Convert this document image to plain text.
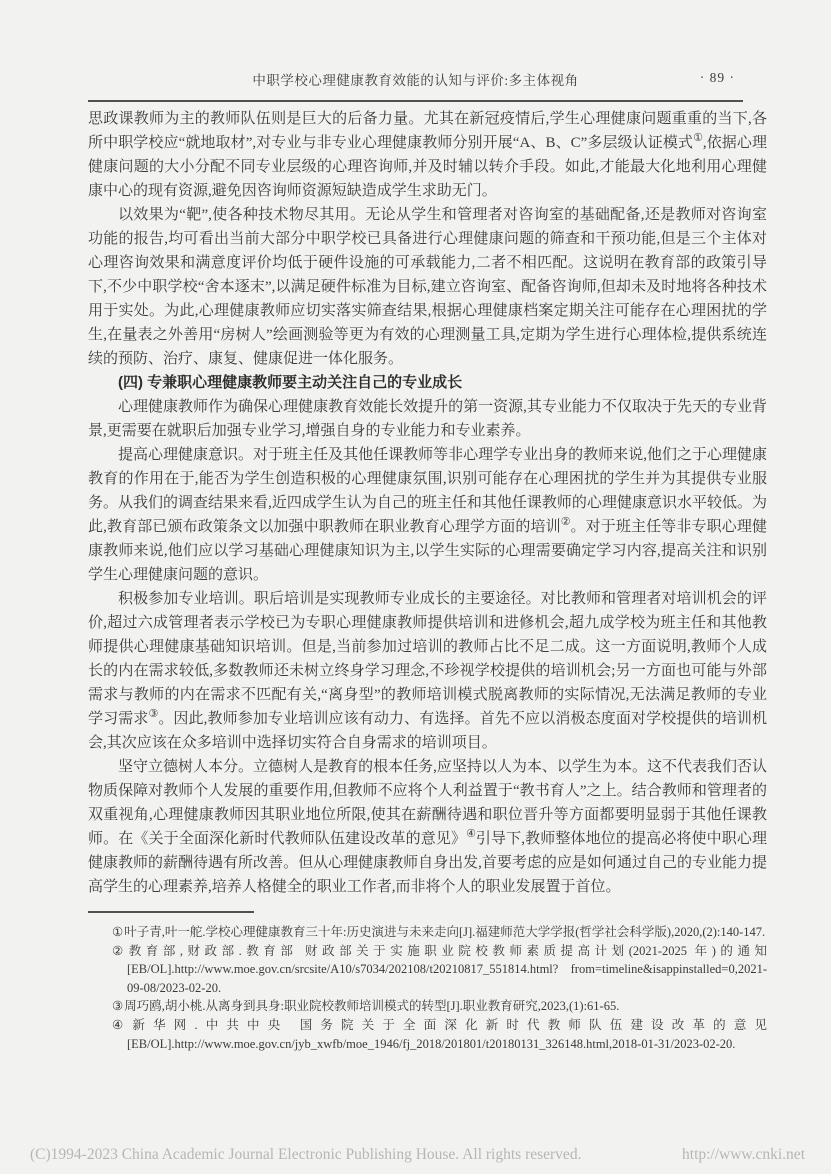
中职学校心理健康教育效能的认知与评价:多主体视角	· 89 ·

思政课教师为主的教师队伍则是巨大的后备力量。尤其在新冠疫情后,学生心理健康问题重重的当下,各所中职学校应“就地取材”,对专业与非专业心理健康教师分别开展“A、B、C”多层级认证模式①,依据心理健康问题的大小分配不同专业层级的心理咨询师,并及时辅以转介手段。如此,才能最大化地利用心理健康中心的现有资源,避免因咨询师资源短缺造成学生求助无门。

以效果为“靶”,使各种技术物尽其用。无论从学生和管理者对咨询室的基础配备,还是教师对咨询室功能的报告,均可看出当前大部分中职学校已具备进行心理健康问题的筛查和干预功能,但是三个主体对心理咨询效果和满意度评价均低于硬件设施的可承载能力,二者不相匹配。这说明在教育部的政策引导下,不少中职学校“舍本逐末”,以满足硬件标准为目标,建立咨询室、配备咨询师,但却未及时地将各种技术用于实处。为此,心理健康教师应切实落实筛查结果,根据心理健康档案定期关注可能存在心理困扰的学生,在量表之外善用“房树人”绘画测验等更为有效的心理测量工具,定期为学生进行心理体检,提供系统连续的预防、治疗、康复、健康促进一体化服务。

(四) 专兼职心理健康教师要主动关注自己的专业成长

心理健康教师作为确保心理健康教育效能长效提升的第一资源,其专业能力不仅取决于先天的专业背景,更需要在就职后加强专业学习,增强自身的专业能力和专业素养。

提高心理健康意识。对于班主任及其他任课教师等非心理学专业出身的教师来说,他们之于心理健康教育的作用在于,能否为学生创造积极的心理健康氛围,识别可能存在心理困扰的学生并为其提供专业服务。从我们的调查结果来看,近四成学生认为自己的班主任和其他任课教师的心理健康意识水平较低。为此,教育部已颁布政策条文以加强中职教师在职业教育心理学方面的培训②。对于班主任等非专职心理健康教师来说,他们应以学习基础心理健康知识为主,以学生实际的心理需要确定学习内容,提高关注和识别学生心理健康问题的意识。

积极参加专业培训。职后培训是实现教师专业成长的主要途径。对比教师和管理者对培训机会的评价,超过六成管理者表示学校已为专职心理健康教师提供培训和进修机会,超九成学校为班主任和其他教师提供心理健康基础知识培训。但是,当前参加过培训的教师占比不足二成。这一方面说明,教师个人成长的内在需求较低,多数教师还未树立终身学习理念,不珍视学校提供的培训机会;另一方面也可能与外部需求与教师的内在需求不匹配有关,“离身型”的教师培训模式脱离教师的实际情况,无法满足教师的专业学习需求③。因此,教师参加专业培训应该有动力、有选择。首先不应以消极态度面对学校提供的培训机会,其次应该在众多培训中选择切实符合自身需求的培训项目。

坚守立德树人本分。立德树人是教育的根本任务,应坚持以人为本、以学生为本。这不代表我们否认物质保障对教师个人发展的重要作用,但教师不应将个人利益置于“教书育人”之上。结合教师和管理者的双重视角,心理健康教师因其职业地位所限,使其在薪酬待遇和职位晋升等方面都要明显弱于其他任课教师。在《关于全面深化新时代教师队伍建设改革的意见》④引导下,教师整体地位的提高必将使中职心理健康教师的薪酬待遇有所改善。但从心理健康教师自身出发,首要考虑的应是如何通过自己的专业能力提高学生的心理素养,培养人格健全的职业工作者,而非将个人的职业发展置于首位。

①叶子青,叶一舵.学校心理健康教育三十年:历史演进与未来走向[J].福建师范大学学报(哲学社会科学版),2020,(2):140-147.

②教育部,财政部.教育部 财政部关于实施职业院校教师素质提高计划(2021-2025 年)的通知[EB/OL].http://www.moe.gov.cn/srcsite/A10/s7034/202108/t20210817_551814.html? from=timeline&isappinstalled=0,2021-09-08/2023-02-20.

③周巧鸥,胡小桃.从离身到具身:职业院校教师培训模式的转型[J].职业教育研究,2023,(1):61-65.

④新华网.中共中央 国务院关于全面深化新时代教师队伍建设改革的意见[EB/OL].http://www.moe.gov.cn/jyb_xwfb/moe_1946/fj_2018/201801/t20180131_326148.html,2018-01-31/2023-02-20.

(C)1994-2023 China Academic Journal Electronic Publishing House. All rights reserved.	http://www.cnki.net
